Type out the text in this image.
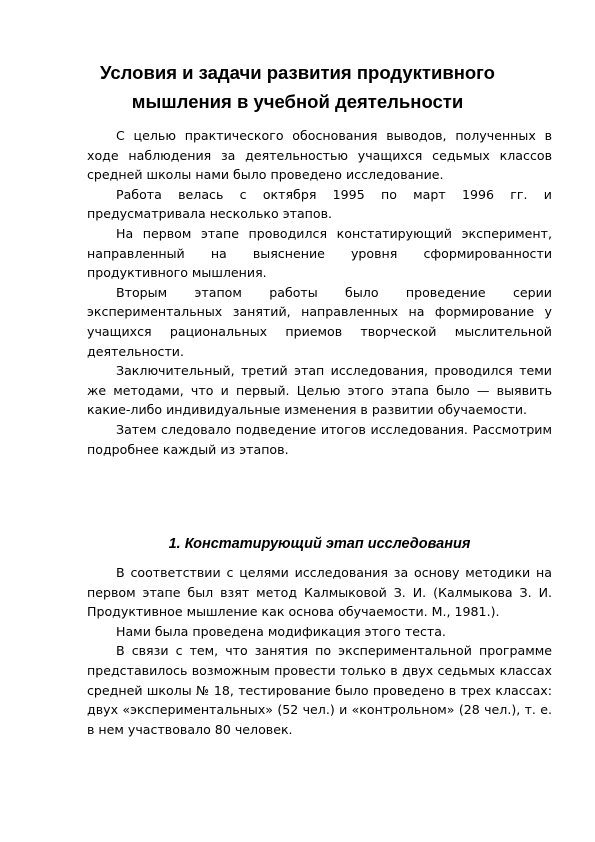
Условия и задачи развития продуктивного
мышления в учебной деятельности

С целью практического обоснования выводов, полученных в ходе наблюдения за деятельностью учащихся седьмых классов средней школы нами было проведено исследование.

Работа велась с октября 1995 по март 1996 гг. и предусматривала несколько этапов.

На первом этапе проводился констатирующий эксперимент, направленный на выяснение уровня сформированности продуктивного мышления.

Вторым этапом работы было проведение серии экспериментальных занятий, направленных на формирование у учащихся рациональных приемов творческой мыслительной деятельности.

Заключительный, третий этап исследования, проводился теми же методами, что и первый. Целью этого этапа было — выявить какие-либо индивидуальные изменения в развитии обучаемости.

Затем следовало подведение итогов исследования. Рассмотрим подробнее каждый из этапов.

1. Констатирующий этап исследования

В соответствии с целями исследования за основу методики на первом этапе был взят метод Калмыковой З. И. (Калмыкова З. И. Продуктивное мышление как основа обучаемости. М., 1981.).

Нами была проведена модификация этого теста.

В связи с тем, что занятия по экспериментальной программе представилось возможным провести только в двух седьмых классах средней школы № 18, тестирование было проведено в трех классах: двух «экспериментальных» (52 чел.) и «контрольном» (28 чел.), т. е. в нем участвовало 80 человек.
